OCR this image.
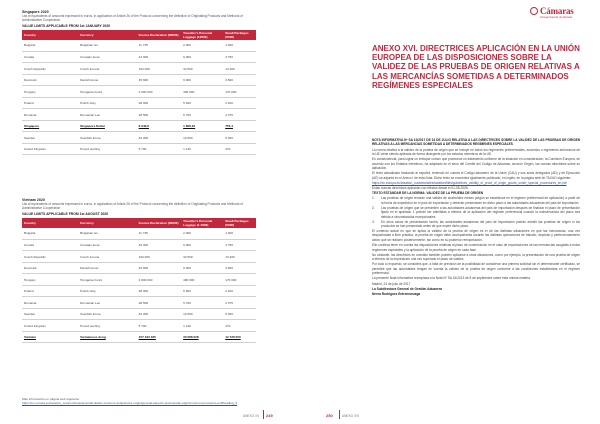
Singapore 2020
List of equivalents of amounts expressed in euros, in application of Article 26 of the Protocol concerning the definition of Originating Products and Methods of Administrative Cooperation
VALUE LIMITS APPLICABLE FROM 1st JANUARY 2020
Country	Currency	Invoice Declaration (6000€)	Traveller's Personal Luggage (1200€)	Small Packages (500€)
Bulgaria	Bulgarian lev	11 735	2 000	1 000
Croatia	Croatian kuna	44 000	9 000	3 750
Czech Republic	Czech koruna	162 000	32 500	13 400
Denmark	Danish krone	45 600	9 000	3 800
Hungary	Hungarian forint	2 000 000	400 000	170 000
Poland	Polish zloty	28 000	5 400	2 400
Romania	Romanian Leu	28 500	5 700	2 375
Singapore	Singapore Dollar	8 949,8	1 808,16	754,4
Sweden	Swedish krona	64 000	12 800	5 300
United Kingdom	Pound sterling	5 700	1 140	470
Vietnam 2020
List of equivalents of amounts expressed in euros, in application of Article 26 of the Protocol concerning the definition of Originating Products and Methods of Administrative Cooperation
VALUE LIMITS APPLICABLE FROM 1st AUGUST 2020
Country	Currency	Invoice Declaration (6000€)	Traveller's Personal Luggage (1 200€)	Small Packages (500€)
Bulgaria	Bulgarian lev	11 735	2 000	1 000
Croatia	Croatian kuna	45 000	9 000	3 750
Czech Republic	Czech koruna	162 000	32 500	13 400
Denmark	Danish krone	45 600	9 000	3 800
Hungary	Hungarian forint	2 000 000	400 000	170 000
Poland	Polish zloty	28 000	5 600	2 400
Romania	Romanian Leu	28 500	5 700	2 375
Sweden	Swedish krona	64 000	12 800	5 300
United Kingdom	Pound sterling	5 700	1 140	470
Vietnam	Vietnamese dong	157 193 185	30 588 628	12 728 000
Más información en página web siguiente:
https://ec.europa.eu/taxation_customs/business/calculation-customs-duties/rules-origin/general-aspects-preferential-origin/common-provisions-en#heading_9
ANEXO XV 249
Cámaras
Consejo Superior de Cámaras
ANEXO XVI. DIRECTRICES APLICACIÓN EN LA UNIÓN EUROPEA DE LAS DISPOSICIONES SOBRE LA VALIDEZ DE LAS PRUEBAS DE ORIGEN RELATIVAS A LAS MERCANCÍAS SOMETIDAS A DETERMINADOS REGÍMENES ESPECIALES

NOTA INFORMATIVA Nº SA 10/2017 DE 24 DE JULIO RELATIVA A LAS DIRECTRICES SOBRE LA VALIDEZ DE LAS PRUEBAS DE ORIGEN RELATIVAS A LAS MERCANCÍAS SOMETIDAS A DETERMINADOS REGÍMENES ESPECIALES

La norma relativa a la validez de la prueba de origen que se incluye en todos los regímenes preferenciales, acuerdos o regímenes autónomos de la UE viene siendo aplicada de forma divergente por los estados miembros de la UE.

En consecuencia, para lograr un enfoque común que promueva un tratamiento uniforme de la situación en consideración, la Comisión Europea, de acuerdo con los Estados miembros, ha adoptado en el seno del Comité del Código de Aduanas, sección Origen, las nuevas directrices sobre su aplicación.

El texto actualizado traducido al español, teniendo en cuenta el Código aduanero de la Unión (CAU) y sus actos delegados (AD) y de Ejecución (AE) se adjunta en el Anexo I de esta Nota. Dicho texto se encuentra igualmente publicado, en inglés, en la página web de TAXUD siguiente:

https://ec.europa.eu/taxation_customs/sites/taxation/files/guidelines_validity_of_proof_of_origin_goods_under_special_procedures_en.pdf

Estas nuevas directrices aplicarán con efectos desde el 01-08-2006.

TEXTO ESTÁNDAR DE LA NORMA: VALIDEZ DE LA PRUEBA DE ORIGEN

1.	Las pruebas de origen tendrán una validez de cuatro/diez meses (según se establezca en el régimen preferencial de aplicación) a partir de la fecha de expedición en el país de exportación y deberán presentarse en dicho plazo a las autoridades aduaneras del país de importación.
2.	Las pruebas de origen que se presenten a las autoridades aduaneras del país de importación después de finalizar el plazo de presentación fijado en el apartado 1 podrán ser admitidas a efectos de la aplicación del régimen preferencial cuando la inobservancia del plazo sea debida a circunstancias excepcionales.
3.	En otros casos de presentación tardía, las autoridades aduaneras del país de importación podrán admitir las pruebas de origen si los productos se han presentado antes de que expire dicho plazo.

El contexto actual en que se aplica la validez de la prueba de origen es el de las distintas situaciones en que las mercancías, una vez despachadas a libre práctica, la prueba de origen debe acompañarlas durante las distintas operaciones de tránsito, depósito y perfeccionamiento activo que se realicen posteriormente, así como en su posterior reexportación.

Ello conlleva tener en cuenta las disposiciones relativas al plazo de conservación en el caso de exportaciones de las mercancías acogidas a estos regímenes especiales y la aplicación de la prueba de origen en cada fase.

No obstante, las directrices en cuestión también pueden aplicarse a otras situaciones, como por ejemplo, la presentación de una prueba de origen a efectos de la importación una vez superado el plazo de validez.

Por todo lo expuesto, se considera que, a falta de previsión de la posibilidad de considerar una primera solicitud sin el determinante certificado, se permitirá que las autoridades tengan en cuenta la validez de la prueba de origen conforme a las condiciones establecidas en el régimen preferencial.

La presente Nota Informativa reemplaza a la Nota Nº SA 16/2013 de 8 de septiembre sobre esta misma materia.

Madrid, 24 de julio de 2017

La Subdirectora General de Gestión Aduanera

Nerea Rodríguez Entremonzaga

250	ANEXO XVI
